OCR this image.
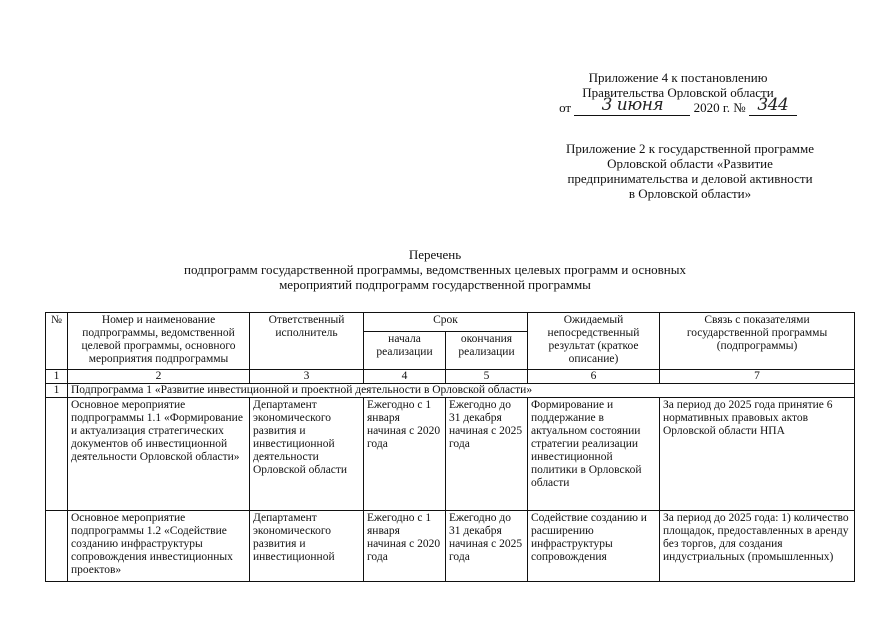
Приложение 4 к постановлению
Правительства Орловской области
от 3 июня 2020 г. № 344
Приложение 2 к государственной программе
Орловской области «Развитие
предпринимательства и деловой активности
в Орловской области»
Перечень
подпрограмм государственной программы, ведомственных целевых программ и основных
мероприятий подпрограмм государственной программы
№	Номер и наименование подпрограммы, ведомственной целевой программы, основного мероприятия подпрограммы	Ответственный исполнитель	Срок		Ожидаемый непосредственный результат (краткое описание)	Связь с показателями государственной программы (подпрограммы)
			начала реализации	окончания реализации		
1	2	3	4	5	6	7
1	Подпрограмма 1 «Развитие инвестиционной и проектной деятельности в Орловской области»					
	Основное мероприятие подпрограммы 1.1 «Формирование и актуализация стратегических документов об инвестиционной деятельности Орловской области»	Департамент экономического развития и инвестиционной деятельности Орловской области	Ежегодно с 1 января начиная с 2020 года	Ежегодно до 31 декабря начиная с 2025 года	Формирование и поддержание в актуальном состоянии стратегии реализации инвестиционной политики в Орловской области	За период до 2025 года принятие 6 нормативных правовых актов Орловской области НПА
	Основное мероприятие подпрограммы 1.2 «Содействие созданию инфраструктуры сопровождения инвестиционных проектов»	Департамент экономического развития и инвестиционной	Ежегодно с 1 января начиная с 2020 года	Ежегодно до 31 декабря начиная с 2025 года	Содействие созданию и расширению инфраструктуры сопровождения	За период до 2025 года: 1) количество площадок, предоставленных в аренду без торгов, для создания индустриальных (промышленных)
